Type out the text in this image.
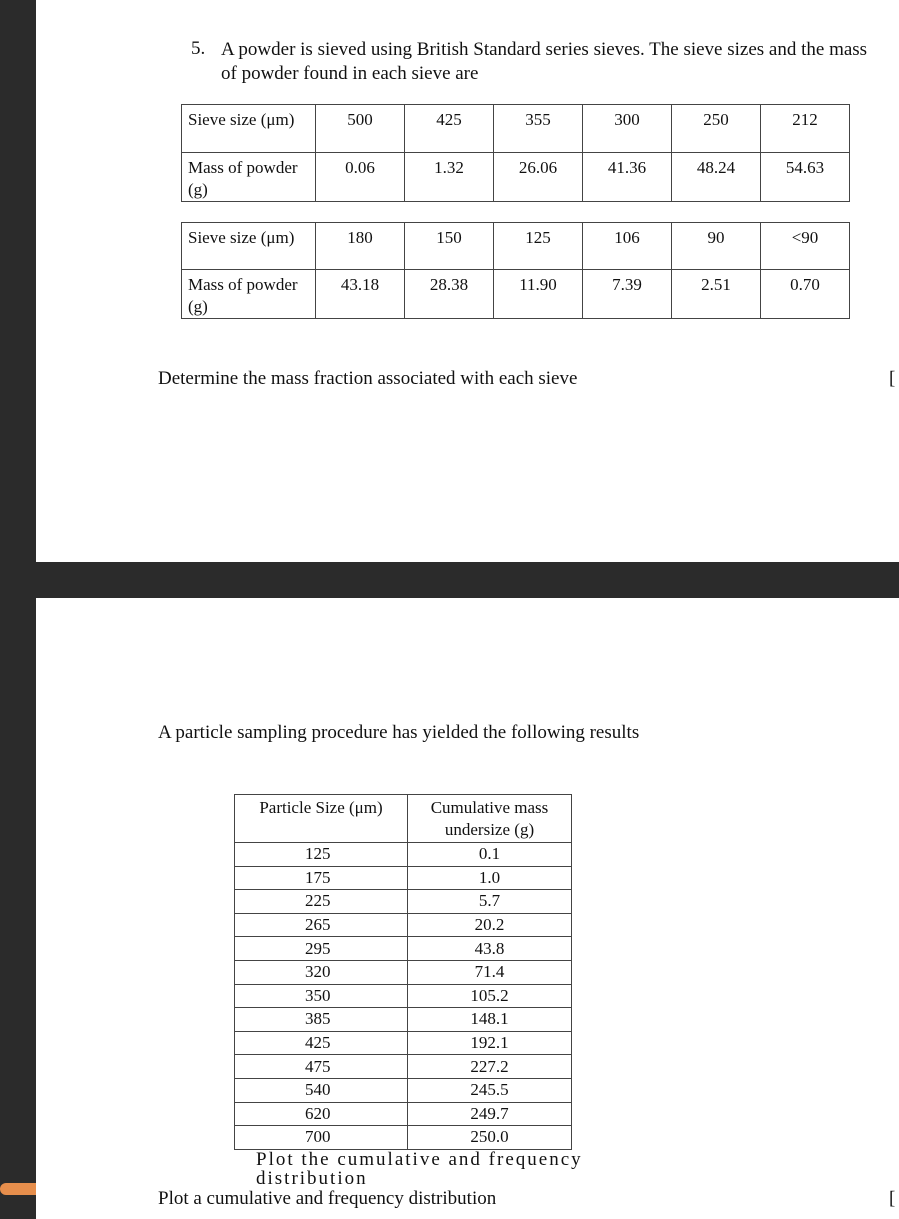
5. A powder is sieved using British Standard series sieves. The sieve sizes and the mass of powder found in each sieve are
Sieve size (μm)	500	425	355	300	250	212
Mass of powder (g)	0.06	1.32	26.06	41.36	48.24	54.63
Sieve size (μm)	180	150	125	106	90	<90
Mass of powder (g)	43.18	28.38	11.90	7.39	2.51	0.70
Determine the mass fraction associated with each sieve	[
A particle sampling procedure has yielded the following results
Particle Size (μm)	Cumulative mass undersize (g)
125	0.1
175	1.0
225	5.7
265	20.2
295	43.8
320	71.4
350	105.2
385	148.1
425	192.1
475	227.2
540	245.5
620	249.7
700	250.0
Plot the cumulative and frequency distribution
Plot a cumulative and frequency distribution	[
